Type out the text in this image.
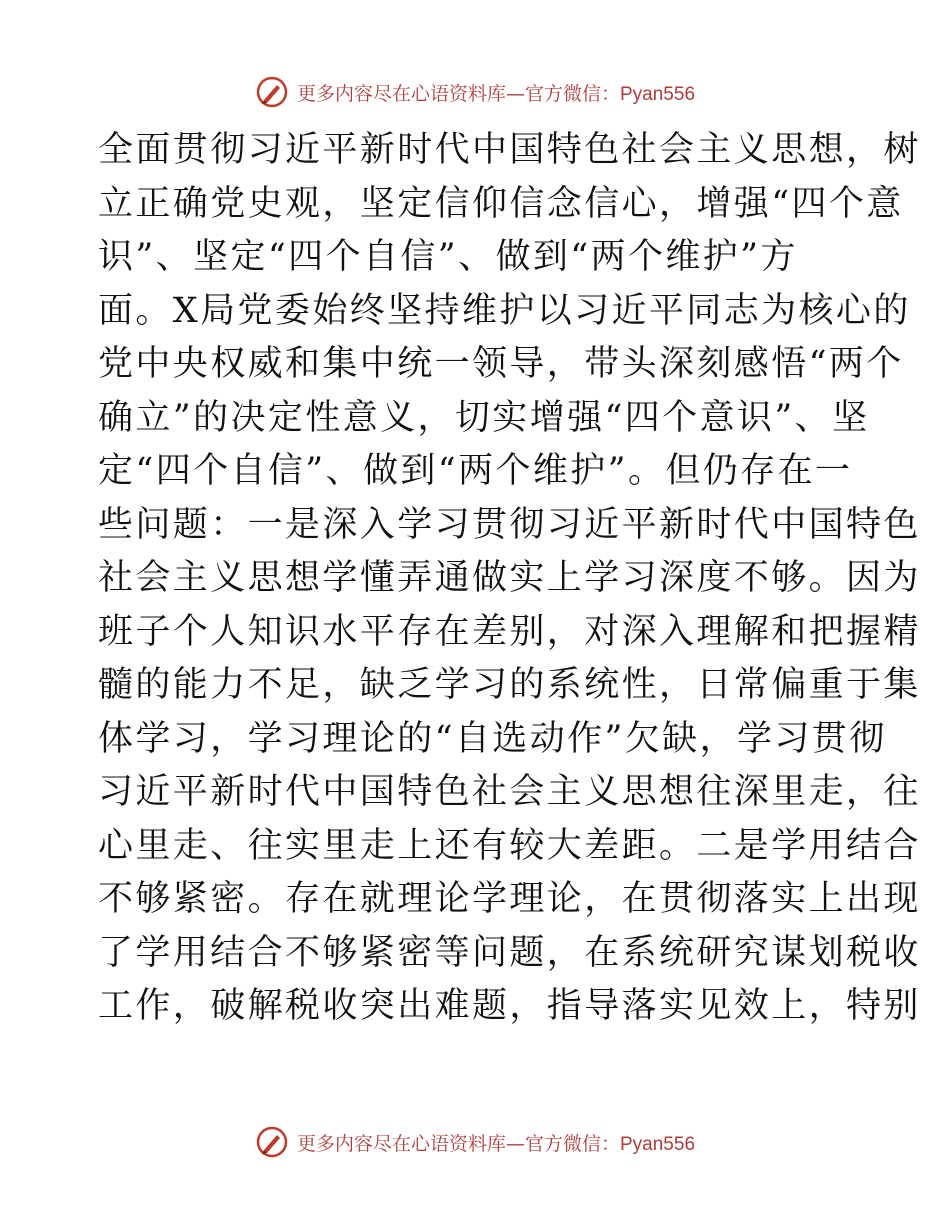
更多内容尽在心语资料库—官方微信：Pyan556
全面贯彻习近平新时代中国特色社会主义思想，树
立正确党史观，坚定信仰信念信心，增强“四个意
识”、坚定“四个自信”、做到“两个维护”方
面。X局党委始终坚持维护以习近平同志为核心的
党中央权威和集中统一领导，带头深刻感悟“两个
确立”的决定性意义，切实增强“四个意识”、坚
定“四个自信”、做到“两个维护”。但仍存在一
些问题：一是深入学习贯彻习近平新时代中国特色
社会主义思想学懂弄通做实上学习深度不够。因为
班子个人知识水平存在差别，对深入理解和把握精
髓的能力不足，缺乏学习的系统性，日常偏重于集
体学习，学习理论的“自选动作”欠缺，学习贯彻
习近平新时代中国特色社会主义思想往深里走，往
心里走、往实里走上还有较大差距。二是学用结合
不够紧密。存在就理论学理论，在贯彻落实上出现
了学用结合不够紧密等问题，在系统研究谋划税收
工作，破解税收突出难题，指导落实见效上，特别
更多内容尽在心语资料库—官方微信：Pyan556
